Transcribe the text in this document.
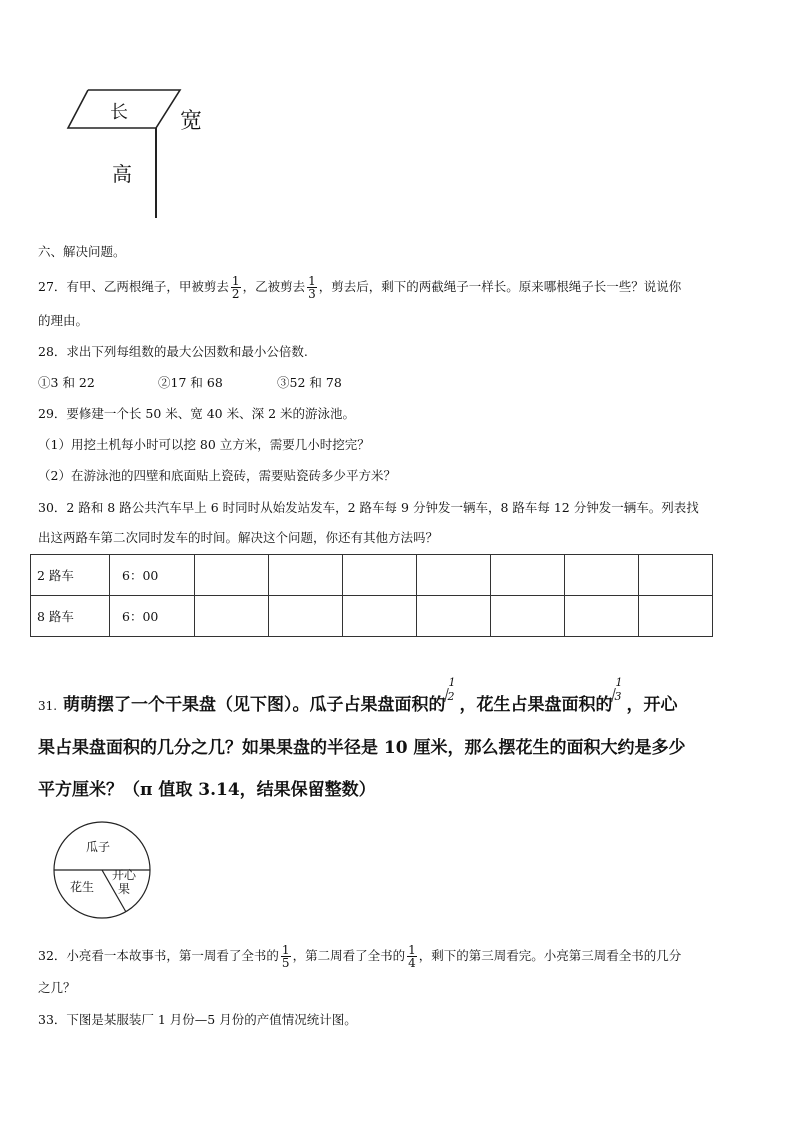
长 宽
高
六、解决问题。
27．有甲、乙两根绳子，甲被剪去 $\frac{1}{2}$ ，乙被剪去 $\frac{1}{3}$ ，剪去后，剩下的两截绳子一样长。原来哪根绳子长一些？说说你
的理由。
28．求出下列每组数的最大公因数和最小公倍数.
①3 和 22	②17 和 68	③52 和 78
29．要修建一个长 50 米、宽 40 米、深 2 米的游泳池。
（1）用挖土机每小时可以挖 80 立方米，需要几小时挖完？
（2）在游泳池的四壁和底面贴上瓷砖，需要贴瓷砖多少平方米？
30．2 路和 8 路公共汽车早上 6 时同时从始发站发车，2 路车每 9 分钟发一辆车，8 路车每 12 分钟发一辆车。列表找
出这两路车第二次同时发车的时间。解决这个问题，你还有其他方法吗？
2 路车	6：00							
8 路车	6：00							
31. 萌萌摆了一个干果盘（见下图）。瓜子占果盘面积的
1
2 ，花生占果盘面积的
1
3 ，开心
果占果盘面积的几分之几？如果果盘的半径是 10 厘米，那么摆花生的面积大约是多少
平方厘米？（π 值取 3.14，结果保留整数）
瓜子
花生
开心
果
32．小亮看一本故事书，第一周看了全书的 $\frac{1}{5}$ ，第二周看了全书的 $\frac{1}{4}$ ，剩下的第三周看完。小亮第三周看全书的几分
之几？
33．下图是某服装厂 1 月份—5 月份的产值情况统计图。
